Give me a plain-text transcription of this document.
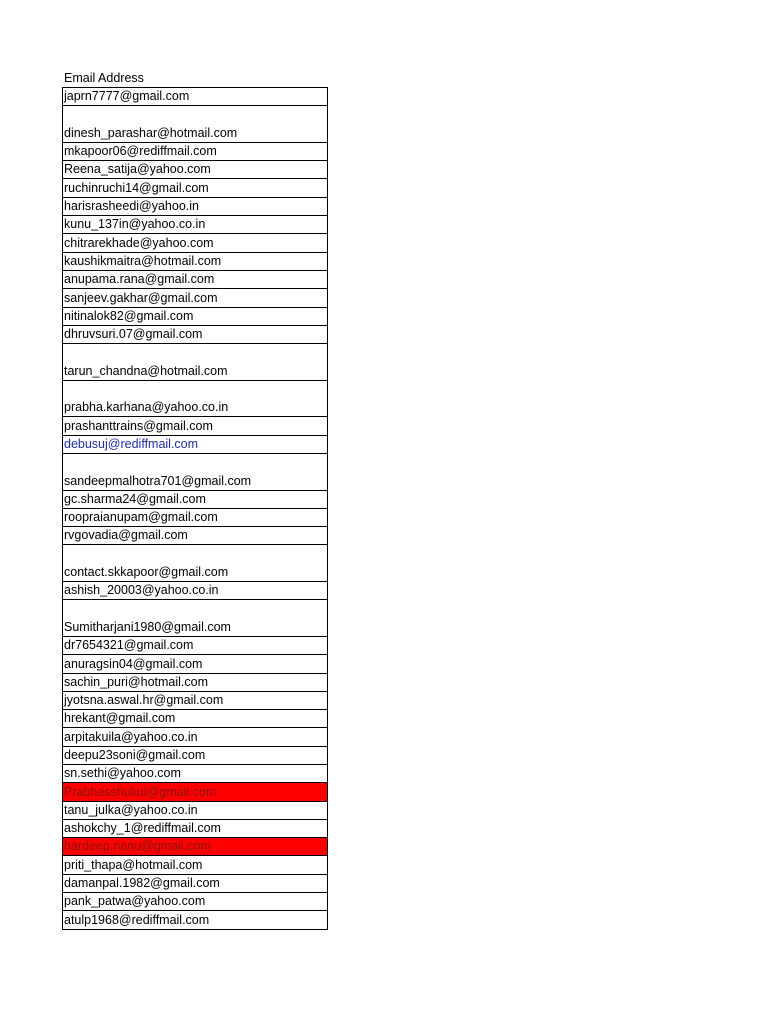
Email Address
japrn7777@gmail.com
dinesh_parashar@hotmail.com
mkapoor06@rediffmail.com
Reena_satija@yahoo.com
ruchinruchi14@gmail.com
harisrasheedi@yahoo.in
kunu_137in@yahoo.co.in
chitrarekhade@yahoo.com
kaushikmaitra@hotmail.com
anupama.rana@gmail.com
sanjeev.gakhar@gmail.com
nitinalok82@gmail.com
dhruvsuri.07@gmail.com
tarun_chandna@hotmail.com
prabha.karhana@yahoo.co.in
prashanttrains@gmail.com
debusuj@rediffmail.com
sandeepmalhotra701@gmail.com
gc.sharma24@gmail.com
roopraianupam@gmail.com
rvgovadia@gmail.com
contact.skkapoor@gmail.com
ashish_20003@yahoo.co.in
Sumitharjani1980@gmail.com
dr7654321@gmail.com
anuragsin04@gmail.com
sachin_puri@hotmail.com
jyotsna.aswal.hr@gmail.com
hrekant@gmail.com
arpitakuila@yahoo.co.in
deepu23soni@gmail.com
sn.sethi@yahoo.com
Prabhasshukul@gmail.com
tanu_julka@yahoo.co.in
ashokchy_1@rediffmail.com
hardeep.nanu@gmail.com
priti_thapa@hotmail.com
damanpal.1982@gmail.com
pank_patwa@yahoo.com
atulp1968@rediffmail.com
